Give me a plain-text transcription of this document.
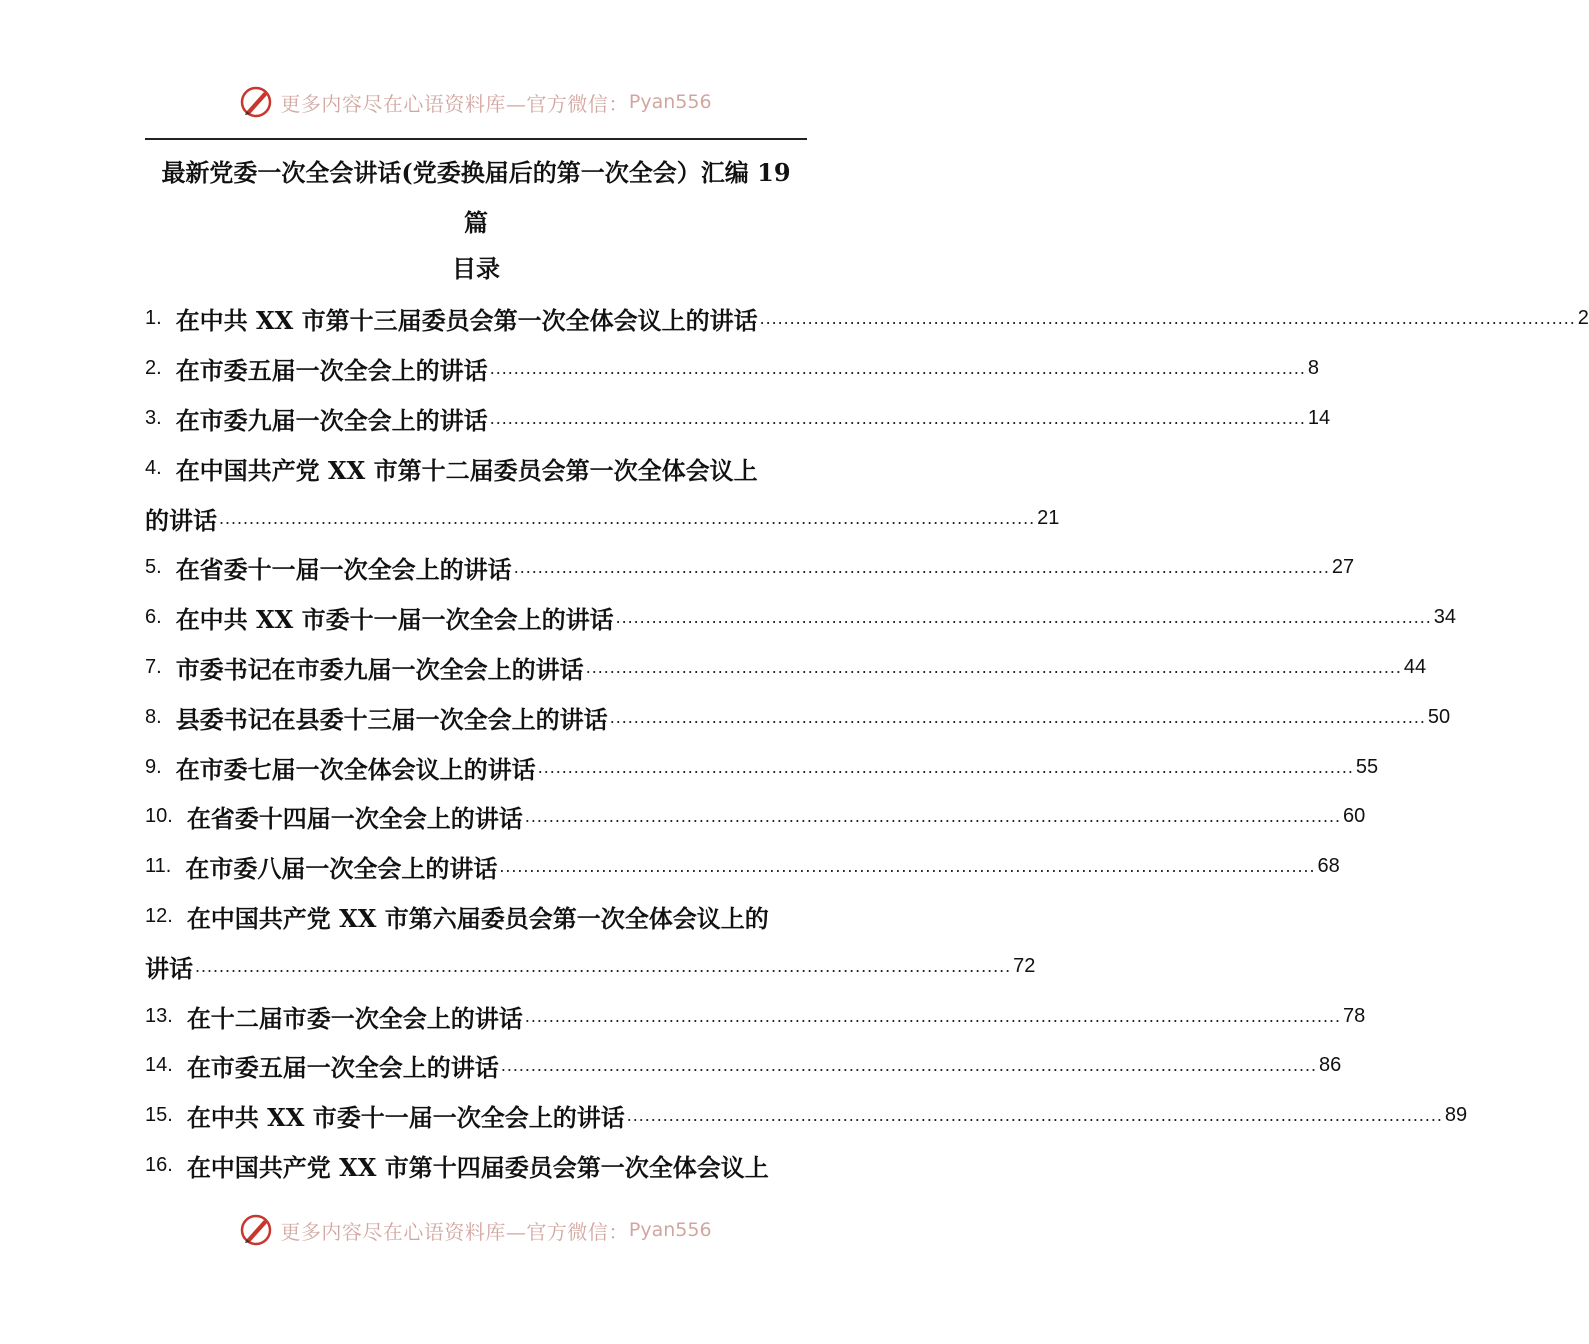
更多内容尽在心语资料库—官方微信： Pyan556
最新党委一次全会讲话(党委换届后的第一次全会）汇编 19
篇
目录
1. 在中共 XX 市第十三届委员会第一次全体会议上的讲话 ........................................................................................................................................ 2
2. 在市委五届一次全会上的讲话 ........................................................................................................................................ 8
3. 在市委九届一次全会上的讲话 ........................................................................................................................................ 14
4. 在中国共产党 XX 市第十二届委员会第一次全体会议上
的讲话 ........................................................................................................................................ 21
5. 在省委十一届一次全会上的讲话 ........................................................................................................................................ 27
6. 在中共 XX 市委十一届一次全会上的讲话 ........................................................................................................................................ 34
7. 市委书记在市委九届一次全会上的讲话 ........................................................................................................................................ 44
8. 县委书记在县委十三届一次全会上的讲话 ........................................................................................................................................ 50
9. 在市委七届一次全体会议上的讲话 ........................................................................................................................................ 55
10. 在省委十四届一次全会上的讲话 ........................................................................................................................................ 60
11. 在市委八届一次全会上的讲话 ........................................................................................................................................ 68
12. 在中国共产党 XX 市第六届委员会第一次全体会议上的
讲话 ........................................................................................................................................ 72
13. 在十二届市委一次全会上的讲话 ........................................................................................................................................ 78
14. 在市委五届一次全会上的讲话 ........................................................................................................................................ 86
15. 在中共 XX 市委十一届一次全会上的讲话 ........................................................................................................................................ 89
16. 在中国共产党 XX 市第十四届委员会第一次全体会议上
更多内容尽在心语资料库—官方微信： Pyan556
